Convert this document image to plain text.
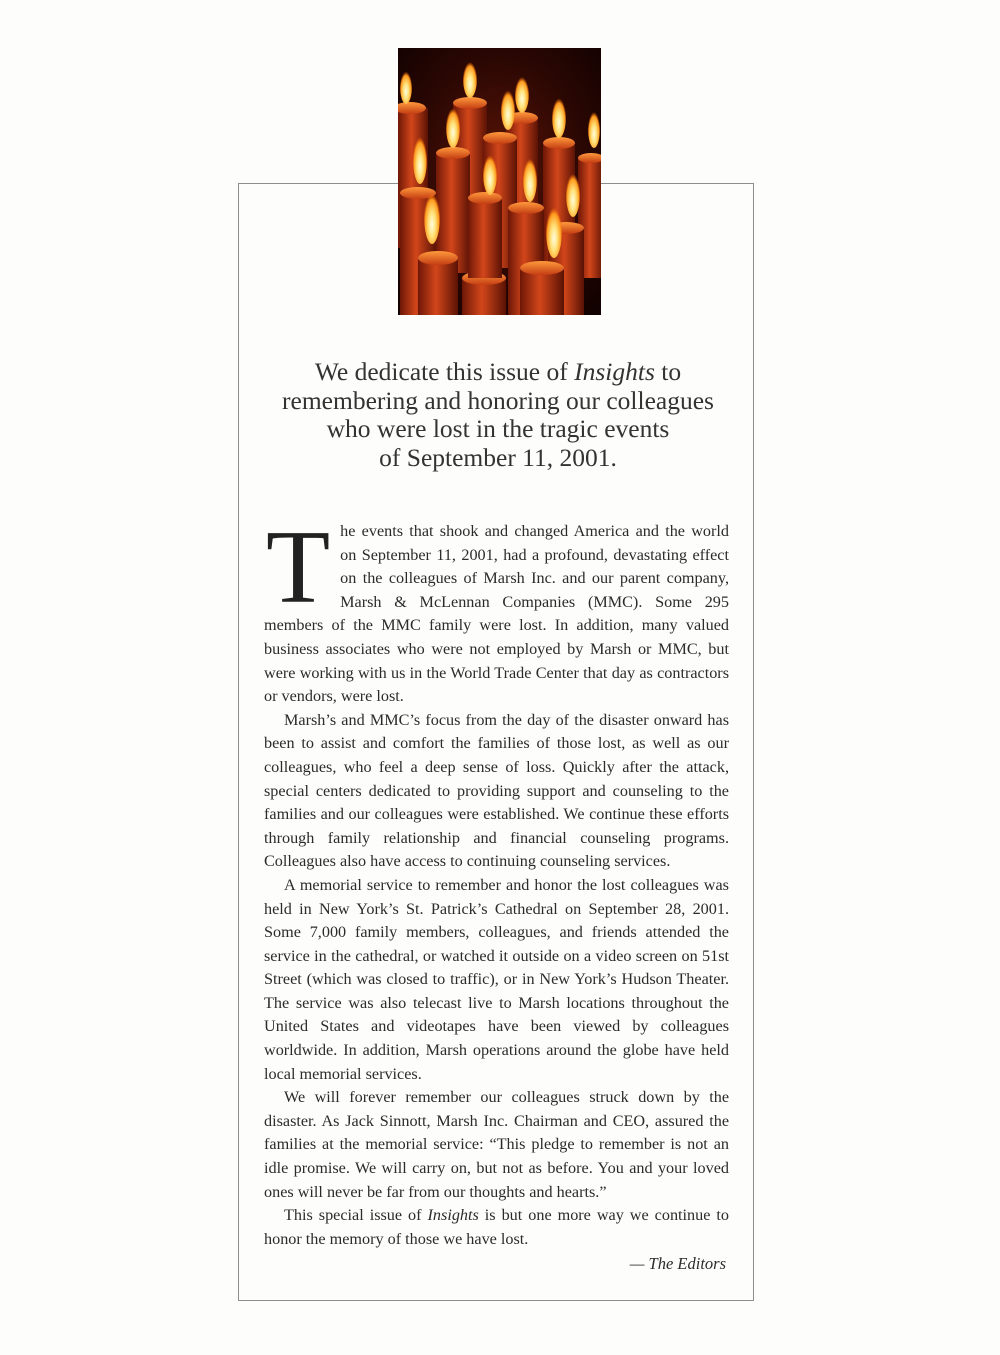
We dedicate this issue of Insights to

remembering and honoring our colleagues

who were lost in the tragic events

of September 11, 2001.

The events that shook and changed America and the world on September 11, 2001, had a profound, devastating effect on the colleagues of Marsh Inc. and our parent company, Marsh & McLennan Companies (MMC). Some 295 members of the MMC family were lost. In addition, many valued business associates who were not employed by Marsh or MMC, but were working with us in the World Trade Center that day as contractors or vendors, were lost.

Marsh’s and MMC’s focus from the day of the disaster onward has been to assist and comfort the families of those lost, as well as our colleagues, who feel a deep sense of loss. Quickly after the attack, special centers dedicated to providing support and counseling to the families and our colleagues were established. We continue these efforts through family relationship and financial counseling programs. Colleagues also have access to continuing counseling services.

A memorial service to remember and honor the lost colleagues was held in New York’s St. Patrick’s Cathedral on September 28, 2001. Some 7,000 family members, colleagues, and friends attended the service in the cathedral, or watched it outside on a video screen on 51st Street (which was closed to traffic), or in New York’s Hudson Theater. The service was also telecast live to Marsh locations throughout the United States and videotapes have been viewed by colleagues worldwide. In addition, Marsh operations around the globe have held local memorial services.

We will forever remember our colleagues struck down by the disaster. As Jack Sinnott, Marsh Inc. Chairman and CEO, assured the families at the memorial service: “This pledge to remember is not an idle promise. We will carry on, but not as before. You and your loved ones will never be far from our thoughts and hearts.”

This special issue of Insights is but one more way we continue to honor the memory of those we have lost.

— The Editors
